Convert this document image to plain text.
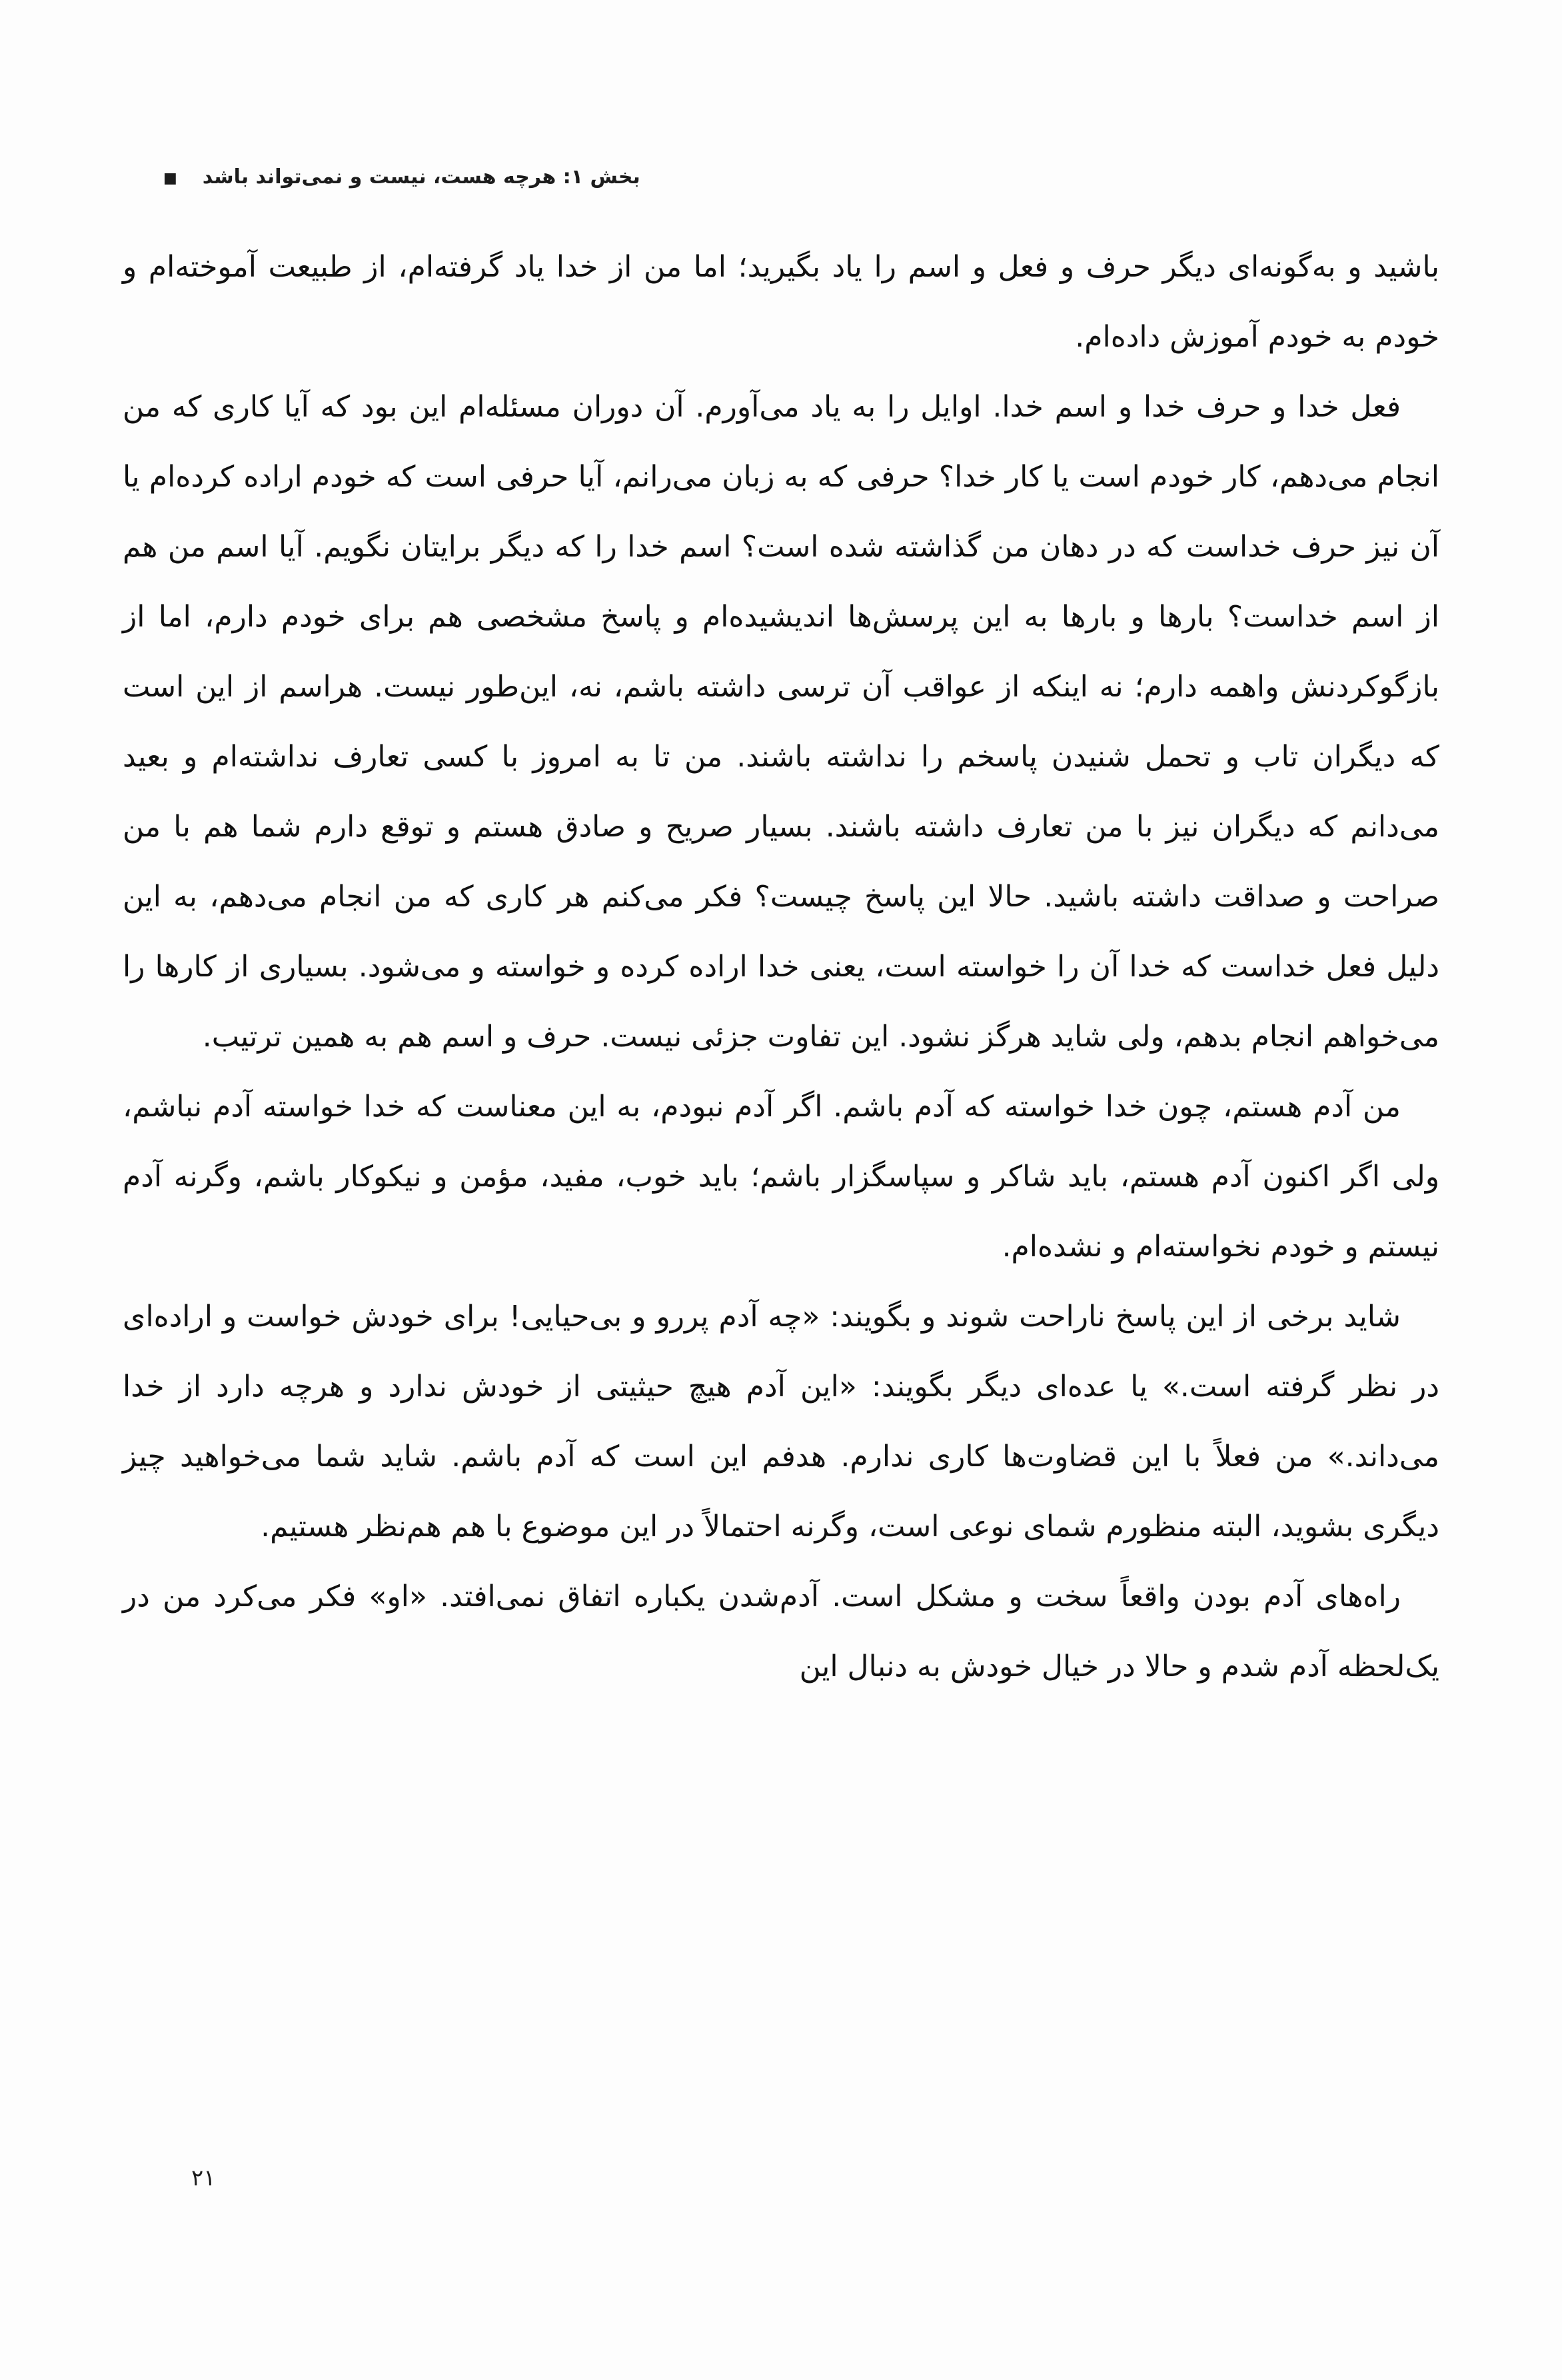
بخش ۱: هرچه هست، نیست و نمی‌تواند باشد
■

باشید و به‌گونه‌ای دیگر حرف و فعل و اسم را یاد بگیرید؛ اما من از خدا یاد گرفته‌ام، از طبیعت آموخته‌ام و خودم به خودم آموزش داده‌ام.

فعل خدا و حرف خدا و اسم خدا. اوایل را به یاد می‌آورم. آن دوران مسئله‌ام این بود که آیا کاری که من انجام می‌دهم، کار خودم است یا کار خدا؟ حرفی که به زبان می‌رانم، آیا حرفی است که خودم اراده کرده‌ام یا آن نیز حرف خداست که در دهان من گذاشته شده است؟ اسم خدا را که دیگر برایتان نگویم. آیا اسم من هم از اسم خداست؟ بارها و بارها به این پرسش‌ها اندیشیده‌ام و پاسخ مشخصی هم برای خودم دارم، اما از بازگوکردنش واهمه دارم؛ نه اینکه از عواقب آن ترسی داشته باشم، نه، این‌طور نیست. هراسم از این است که دیگران تاب و تحمل شنیدن پاسخم را نداشته باشند. من تا به امروز با کسی تعارف نداشته‌ام و بعید می‌دانم که دیگران نیز با من تعارف داشته باشند. بسیار صریح و صادق هستم و توقع دارم شما هم با من صراحت و صداقت داشته باشید. حالا این پاسخ چیست؟ فکر می‌کنم هر کاری که من انجام می‌دهم، به این دلیل فعل خداست که خدا آن را خواسته است، یعنی خدا اراده کرده و خواسته و می‌شود. بسیاری از کارها را می‌خواهم انجام بدهم، ولی شاید هرگز نشود. این تفاوت جزئی نیست. حرف و اسم هم به همین ترتیب.

من آدم هستم، چون خدا خواسته که آدم باشم. اگر آدم نبودم، به این معناست که خدا خواسته آدم نباشم، ولی اگر اکنون آدم هستم، باید شاکر و سپاسگزار باشم؛ باید خوب، مفید، مؤمن و نیکوکار باشم، وگرنه آدم نیستم و خودم نخواسته‌ام و نشده‌ام.

شاید برخی از این پاسخ ناراحت شوند و بگویند: «چه آدم پررو و بی‌حیایی! برای خودش خواست و اراده‌ای در نظر گرفته است.» یا عده‌ای دیگر بگویند: «این آدم هیچ حیثیتی از خودش ندارد و هرچه دارد از خدا می‌داند.» من فعلاً با این قضاوت‌ها کاری ندارم. هدفم این است که آدم باشم. شاید شما می‌خواهید چیز دیگری بشوید، البته منظورم شمای نوعی است، وگرنه احتمالاً در این موضوع با هم هم‌نظر هستیم.

راه‌های آدم بودن واقعاً سخت و مشکل است. آدم‌شدن یکباره اتفاق نمی‌افتد. «او» فکر می‌کرد من در یک‌لحظه آدم شدم و حالا در خیال خودش به دنبال این

۲۱
